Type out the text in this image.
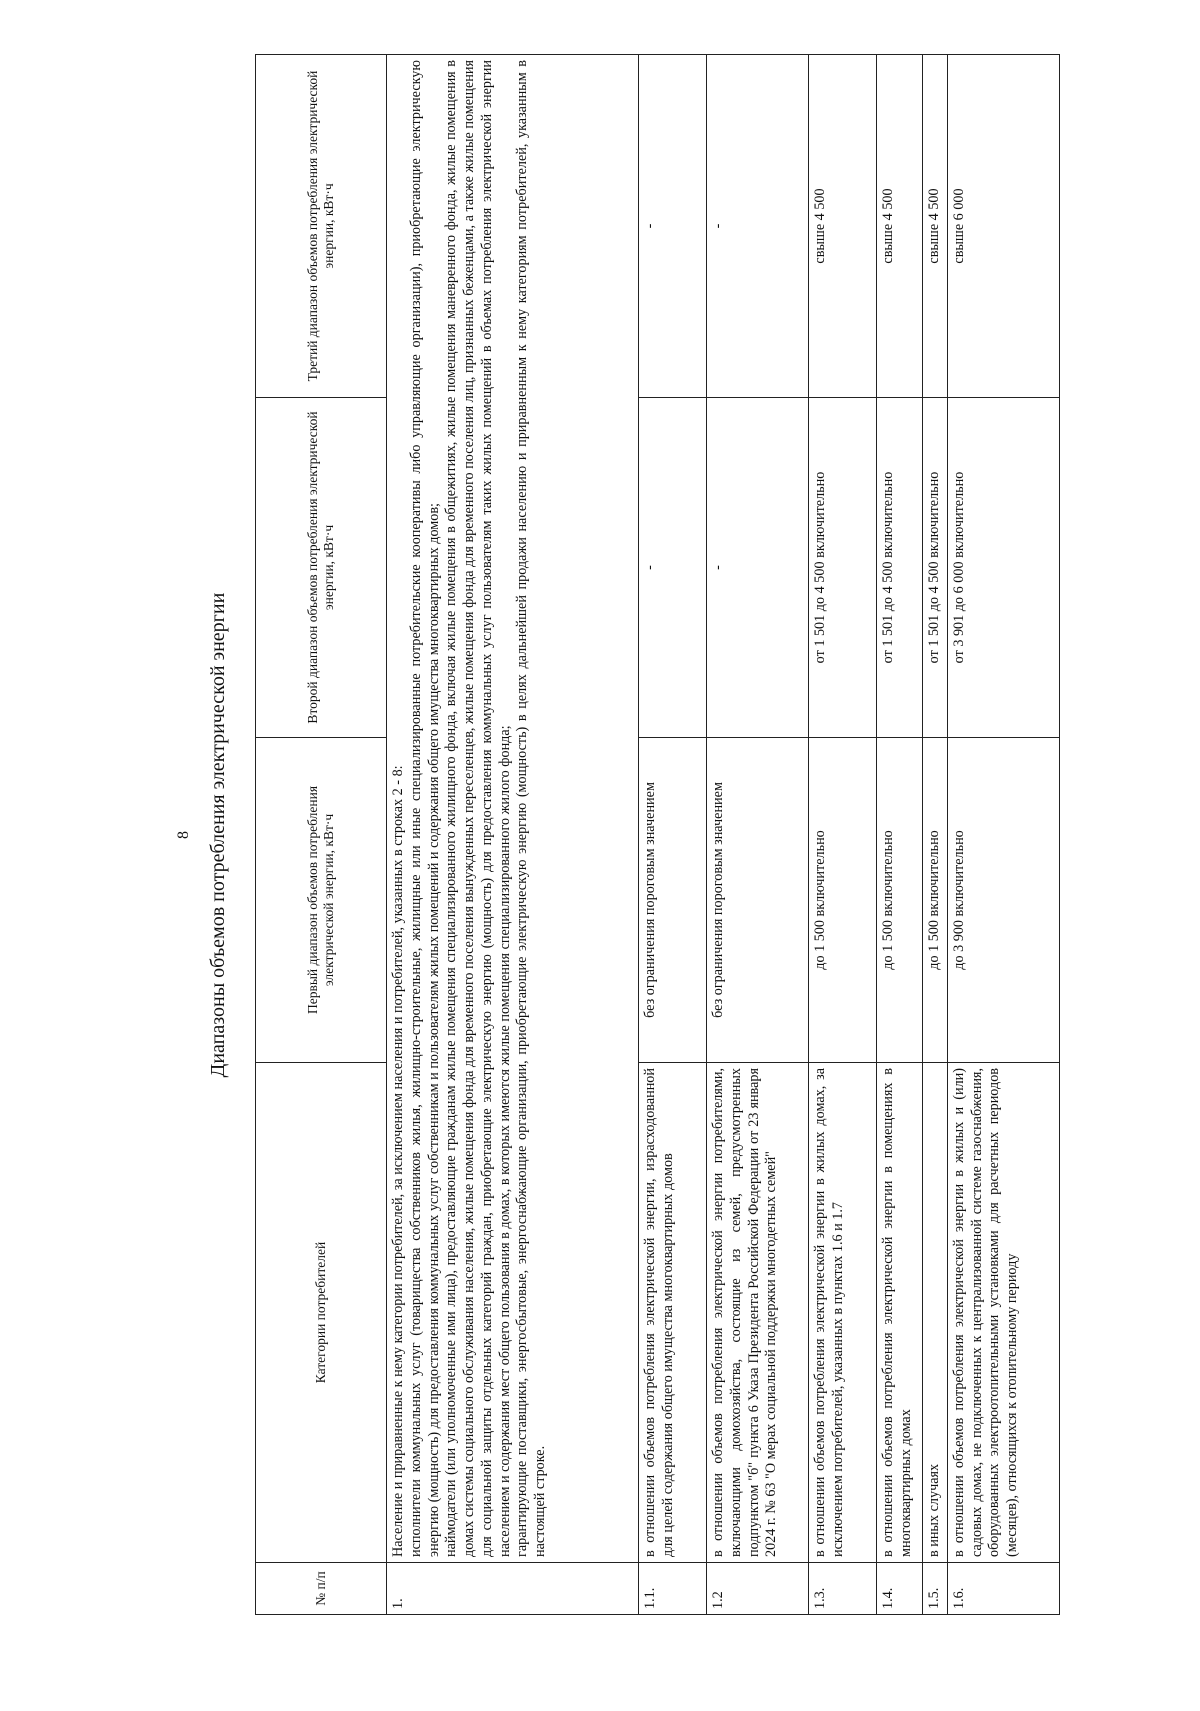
8 Диапазоны объемов потребления электрической энергии
№ п/п	Категории потребителей	Первый диапазон объемов потребления электрической энергии, кВт·ч	Второй диапазон объемов потребления электрической энергии, кВт·ч	Третий диапазон объемов потребления электрической энергии, кВт·ч
1.	Население и приравненные к нему категории потребителей, за исключением населения и потребителей, указанных в строках 2 - 8: исполнители коммунальных услуг (товарищества собственников жилья, жилищно-строительные, жилищные или иные специализированные потребительские кооперативы либо управляющие организации), приобретающие электрическую энергию (мощность) для предоставления коммунальных услуг собственникам и пользователям жилых помещений и содержания общего имущества многоквартирных домов; наймодатели (или уполномоченные ими лица), предоставляющие гражданам жилые помещения специализированного жилищного фонда, включая жилые помещения в общежитиях, жилые помещения маневренного фонда, жилые помещения в домах системы социального обслуживания населения, жилые помещения фонда для временного поселения вынужденных переселенцев, жилые помещения фонда для временного поселения лиц, признанных беженцами, а также жилые помещения для социальной защиты отдельных категорий граждан, приобретающие электрическую энергию (мощность) для предоставления коммунальных услуг пользователям таких жилых помещений в объемах потребления электрической энергии населением и содержания мест общего пользования в домах, в которых имеются жилые помещения специализированного жилого фонда; гарантирующие поставщики, энергосбытовые, энергоснабжающие организации, приобретающие электрическую энергию (мощность) в целях дальнейшей продажи населению и приравненным к нему категориям потребителей, указанным в настоящей строке.			

1.1.	в отношении объемов потребления электрической энергии, израсходованной для целей содержания общего имущества многоквартирных домов	без ограничения пороговым значением	-	-
1.2	в отношении объемов потребления электрической энергии потребителями, включающими домохозяйства, состоящие из семей, предусмотренных подпунктом "б" пункта 6 Указа Президента Российской Федерации от 23 января 2024 г. № 63 "О мерах социальной поддержки многодетных семей"	без ограничения пороговым значением	-	-
1.3.	в отношении объемов потребления электрической энергии в жилых домах, за исключением потребителей, указанных в пунктах 1.6 и 1.7	до 1 500 включительно	от 1 501 до 4 500 включительно	свыше 4 500
1.4.	в отношении объемов потребления электрической энергии в помещениях в многоквартирных домах	до 1 500 включительно	от 1 501 до 4 500 включительно	свыше 4 500
1.5.	в иных случаях	до 1 500 включительно	от 1 501 до 4 500 включительно	свыше 4 500
1.6.	в отношении объемов потребления электрической энергии в жилых и (или) садовых домах, не подключенных к централизованной системе газоснабжения, оборудованных электроотопительными установками для расчетных периодов (месяцев), относящихся к отопительному периоду	до 3 900 включительно	от 3 901 до 6 000 включительно	свыше 6 000
